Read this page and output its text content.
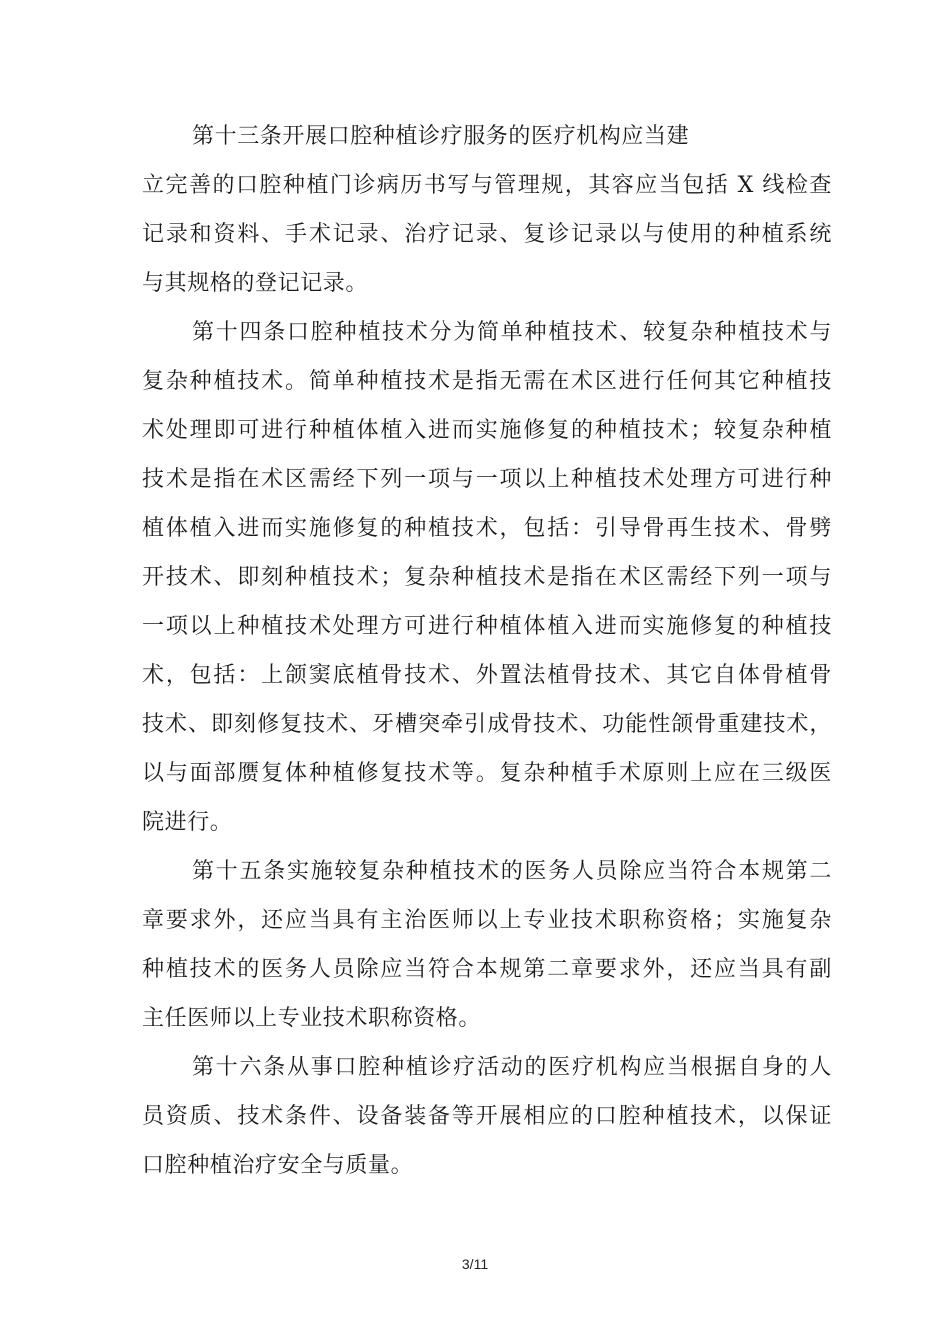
第十三条开展口腔种植诊疗服务的医疗机构应当建
立完善的口腔种植门诊病历书写与管理规，其容应当包括 X 线检查
记录和资料、手术记录、治疗记录、复诊记录以与使用的种植系统
与其规格的登记记录。
第十四条口腔种植技术分为简单种植技术、较复杂种植技术与
复杂种植技术。简单种植技术是指无需在术区进行任何其它种植技
术处理即可进行种植体植入进而实施修复的种植技术；较复杂种植
技术是指在术区需经下列一项与一项以上种植技术处理方可进行种
植体植入进而实施修复的种植技术，包括：引导骨再生技术、骨劈
开技术、即刻种植技术；复杂种植技术是指在术区需经下列一项与
一项以上种植技术处理方可进行种植体植入进而实施修复的种植技
术，包括：上颌窦底植骨技术、外置法植骨技术、其它自体骨植骨
技术、即刻修复技术、牙槽突牵引成骨技术、功能性颌骨重建技术，
以与面部赝复体种植修复技术等。复杂种植手术原则上应在三级医
院进行。
第十五条实施较复杂种植技术的医务人员除应当符合本规第二
章要求外，还应当具有主治医师以上专业技术职称资格；实施复杂
种植技术的医务人员除应当符合本规第二章要求外，还应当具有副
主任医师以上专业技术职称资格。
第十六条从事口腔种植诊疗活动的医疗机构应当根据自身的人
员资质、技术条件、设备装备等开展相应的口腔种植技术，以保证
口腔种植治疗安全与质量。
3/11
